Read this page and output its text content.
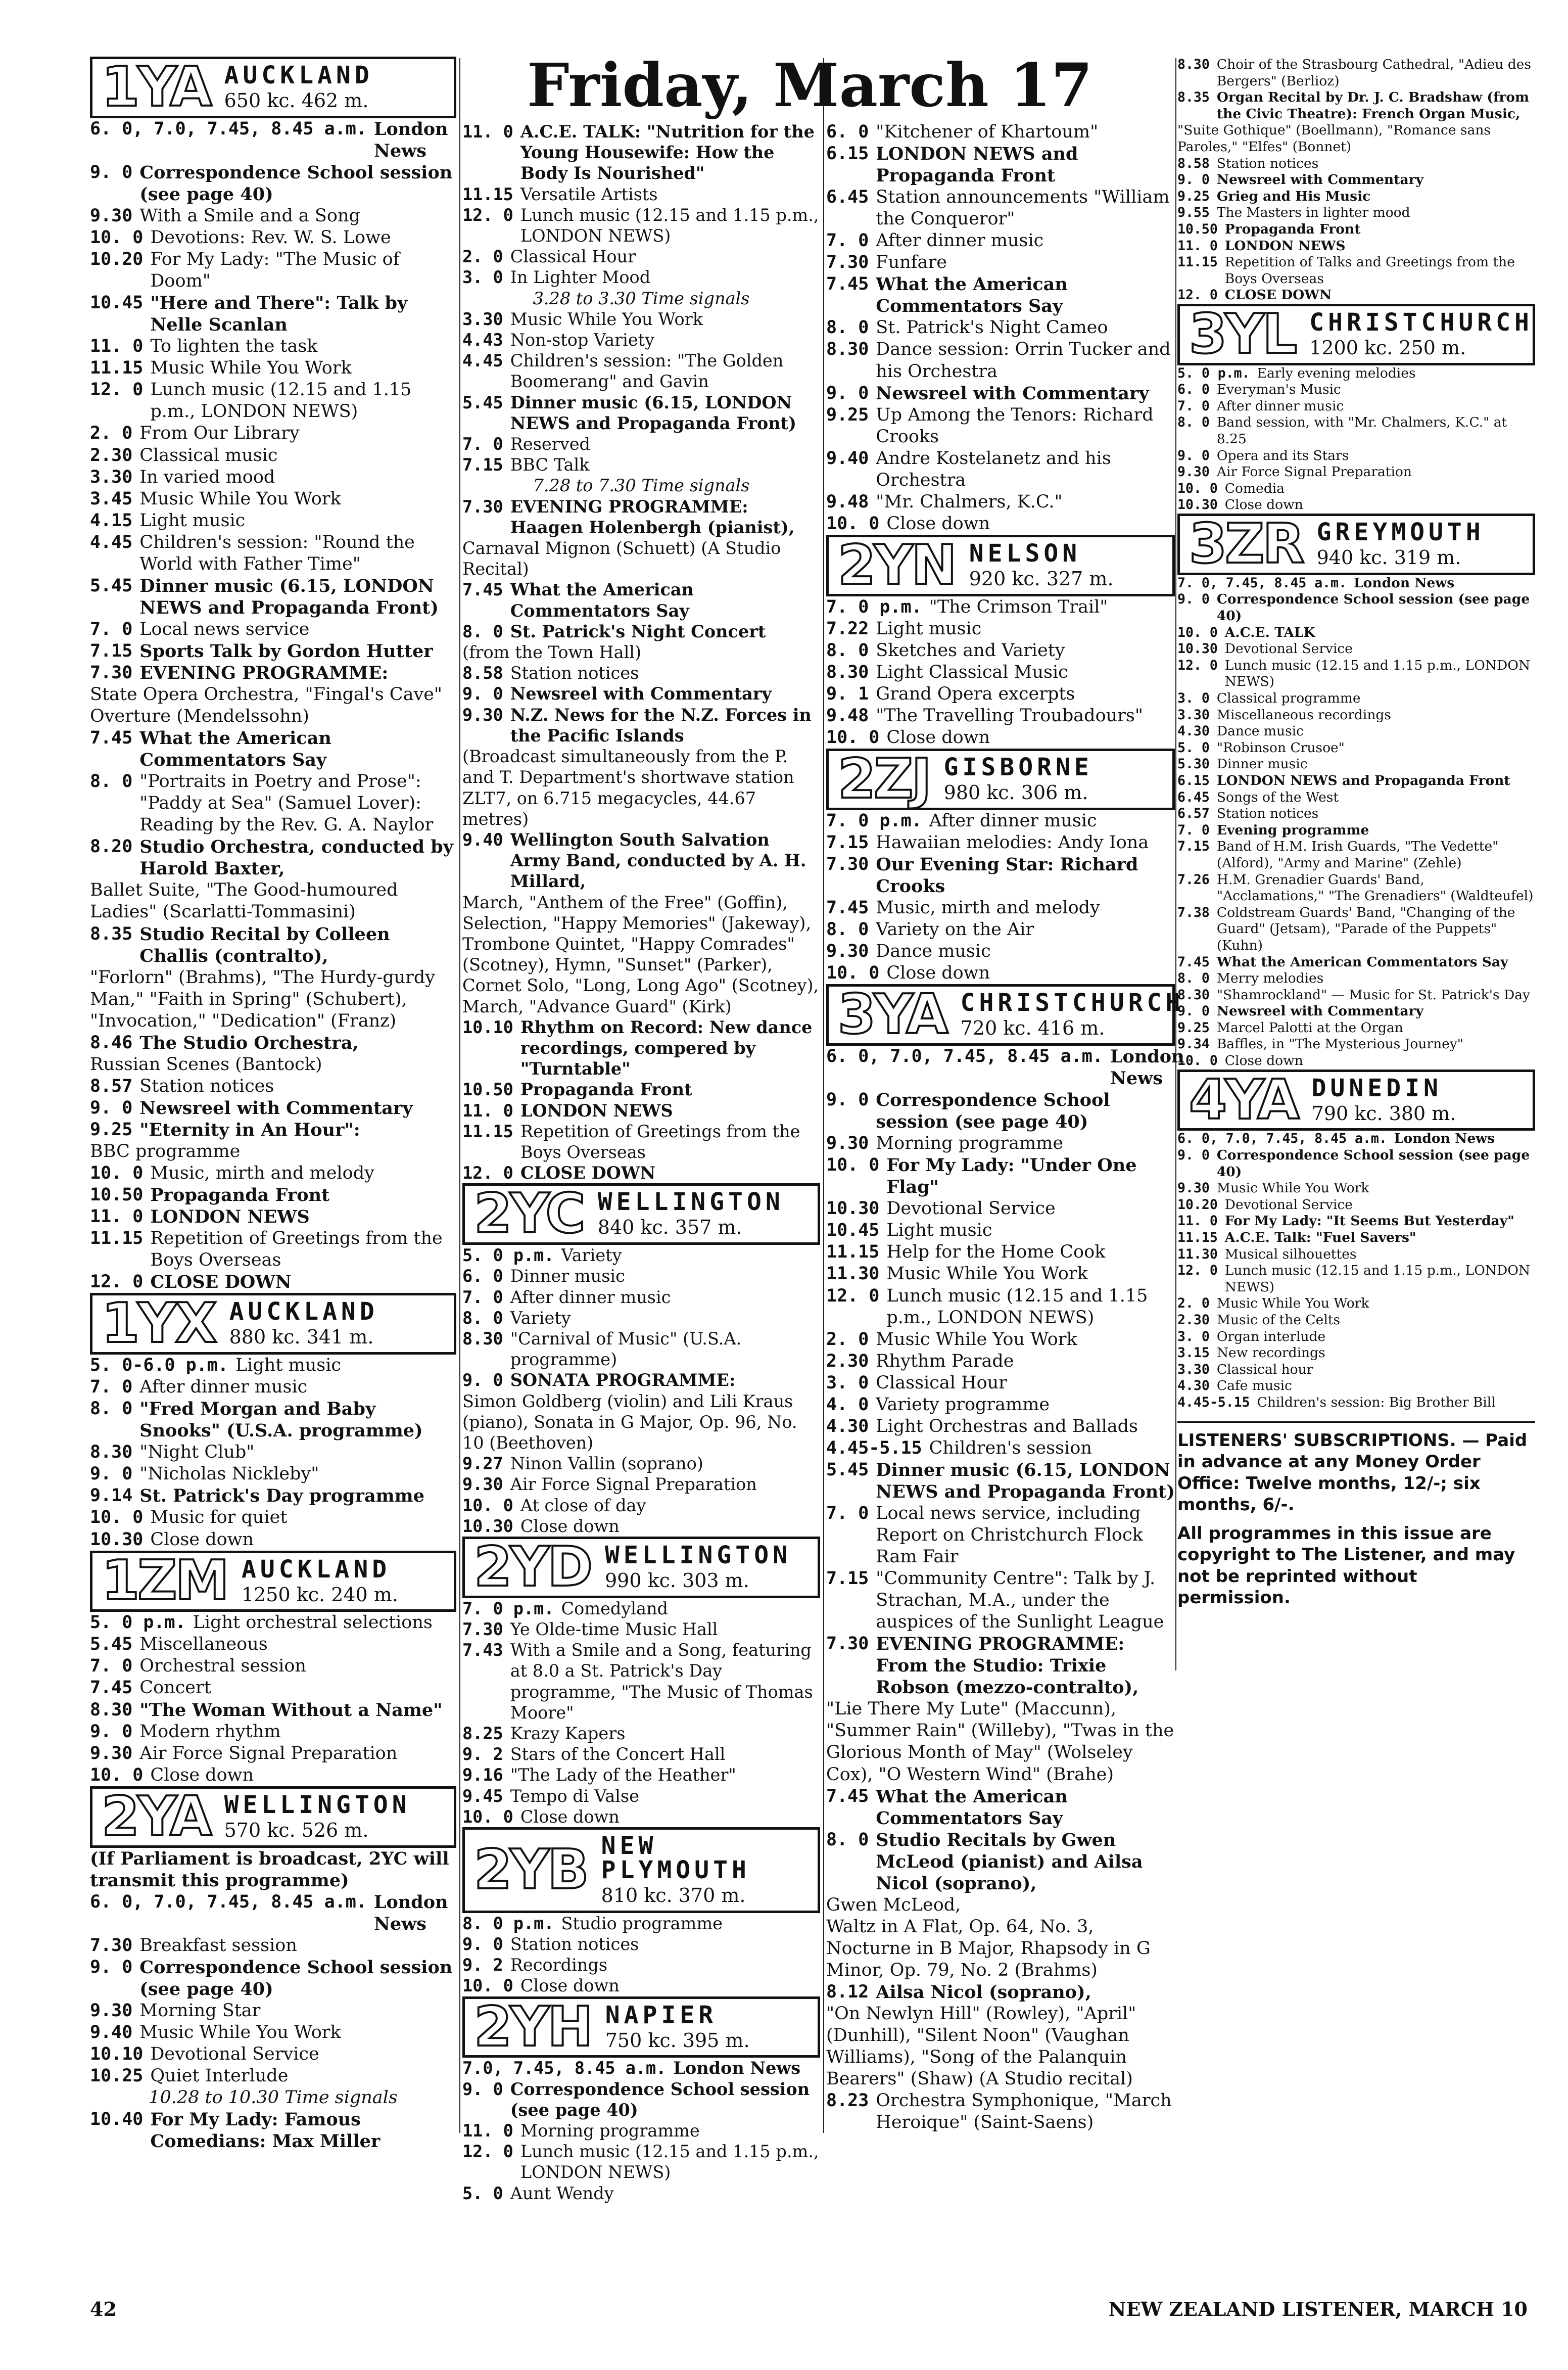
Friday, March 17
1YA AUCKLAND
650 kc. 462 m.
6. 0, 7.0, 7.45, 8.45 a.m. London News
9. 0 Correspondence School session (see page 40)
9.30 With a Smile and a Song
10. 0 Devotions: Rev. W. S. Lowe
10.20 For My Lady: "The Music of Doom"
10.45 "Here and There": Talk by Nelle Scanlan
11. 0 To lighten the task
11.15 Music While You Work
12. 0 Lunch music (12.15 and 1.15 p.m., LONDON NEWS)
2. 0 From Our Library
2.30 Classical music
3.30 In varied mood
3.45 Music While You Work
4.15 Light music
4.45 Children's session: "Round the World with Father Time"
5.45 Dinner music (6.15, LONDON NEWS and Propaganda Front)
7. 0 Local news service
7.15 Sports Talk by Gordon Hutter
7.30 EVENING PROGRAMME:
State Opera Orchestra, "Fingal's Cave" Overture (Mendelssohn)
7.45 What the American Commentators Say
8. 0 "Portraits in Poetry and Prose": "Paddy at Sea" (Samuel Lover): Reading by the Rev. G. A. Naylor
8.20 Studio Orchestra, conducted by Harold Baxter,
Ballet Suite, "The Good-humoured Ladies" (Scarlatti-Tommasini)
8.35 Studio Recital by Colleen Challis (contralto),
"Forlorn" (Brahms), "The Hurdy-gurdy Man," "Faith in Spring" (Schubert), "Invocation," "Dedication" (Franz)
8.46 The Studio Orchestra,
Russian Scenes (Bantock)
8.57 Station notices
9. 0 Newsreel with Commentary
9.25 "Eternity in An Hour":
BBC programme
10. 0 Music, mirth and melody
10.50 Propaganda Front
11. 0 LONDON NEWS
11.15 Repetition of Greetings from the Boys Overseas
12. 0 CLOSE DOWN
1YX AUCKLAND
880 kc. 341 m.
5. 0-6.0 p.m. Light music
7. 0 After dinner music
8. 0 "Fred Morgan and Baby Snooks" (U.S.A. programme)
8.30 "Night Club"
9. 0 "Nicholas Nickleby"
9.14 St. Patrick's Day programme
10. 0 Music for quiet
10.30 Close down
1ZM AUCKLAND
1250 kc. 240 m.
5. 0 p.m. Light orchestral selections
5.45 Miscellaneous
7. 0 Orchestral session
7.45 Concert
8.30 "The Woman Without a Name"
9. 0 Modern rhythm
9.30 Air Force Signal Preparation
10. 0 Close down
2YA WELLINGTON
570 kc. 526 m.
(If Parliament is broadcast, 2YC will transmit this programme)
6. 0, 7.0, 7.45, 8.45 a.m. London News
7.30 Breakfast session
9. 0 Correspondence School session (see page 40)
9.30 Morning Star
9.40 Music While You Work
10.10 Devotional Service
10.25 Quiet Interlude
10.28 to 10.30 Time signals
10.40 For My Lady: Famous Comedians: Max Miller
11. 0 A.C.E. TALK: "Nutrition for the Young Housewife: How the Body Is Nourished"
11.15 Versatile Artists
12. 0 Lunch music (12.15 and 1.15 p.m., LONDON NEWS)
2. 0 Classical Hour
3. 0 In Lighter Mood
3.28 to 3.30 Time signals
3.30 Music While You Work
4.43 Non-stop Variety
4.45 Children's session: "The Golden Boomerang" and Gavin
5.45 Dinner music (6.15, LONDON NEWS and Propaganda Front)
7. 0 Reserved
7.15 BBC Talk
7.28 to 7.30 Time signals
7.30 EVENING PROGRAMME: Haagen Holenbergh (pianist),
Carnaval Mignon (Schuett) (A Studio Recital)
7.45 What the American Commentators Say
8. 0 St. Patrick's Night Concert
(from the Town Hall)
8.58 Station notices
9. 0 Newsreel with Commentary
9.30 N.Z. News for the N.Z. Forces in the Pacific Islands
(Broadcast simultaneously from the P. and T. Department's shortwave station ZLT7, on 6.715 megacycles, 44.67 metres)
9.40 Wellington South Salvation Army Band, conducted by A. H. Millard,
March, "Anthem of the Free" (Goffin), Selection, "Happy Memories" (Jakeway), Trombone Quintet, "Happy Comrades" (Scotney), Hymn, "Sunset" (Parker), Cornet Solo, "Long, Long Ago" (Scotney), March, "Advance Guard" (Kirk)
10.10 Rhythm on Record: New dance recordings, compered by "Turntable"
10.50 Propaganda Front
11. 0 LONDON NEWS
11.15 Repetition of Greetings from the Boys Overseas
12. 0 CLOSE DOWN
2YC WELLINGTON
840 kc. 357 m.
5. 0 p.m. Variety
6. 0 Dinner music
7. 0 After dinner music
8. 0 Variety
8.30 "Carnival of Music" (U.S.A. programme)
9. 0 SONATA PROGRAMME:
Simon Goldberg (violin) and Lili Kraus (piano), Sonata in G Major, Op. 96, No. 10 (Beethoven)
9.27 Ninon Vallin (soprano)
9.30 Air Force Signal Preparation
10. 0 At close of day
10.30 Close down
2YD WELLINGTON
990 kc. 303 m.
7. 0 p.m. Comedyland
7.30 Ye Olde-time Music Hall
7.43 With a Smile and a Song, featuring at 8.0 a St. Patrick's Day programme, "The Music of Thomas Moore"
8.25 Krazy Kapers
9. 2 Stars of the Concert Hall
9.16 "The Lady of the Heather"
9.45 Tempo di Valse
10. 0 Close down
2YB NEW PLYMOUTH
810 kc. 370 m.
8. 0 p.m. Studio programme
9. 0 Station notices
9. 2 Recordings
10. 0 Close down
2YH NAPIER
750 kc. 395 m.
7.0, 7.45, 8.45 a.m. London News
9. 0 Correspondence School session (see page 40)
11. 0 Morning programme
12. 0 Lunch music (12.15 and 1.15 p.m., LONDON NEWS)
5. 0 Aunt Wendy
6. 0 "Kitchener of Khartoum"
6.15 LONDON NEWS and Propaganda Front
6.45 Station announcements "William the Conqueror"
7. 0 After dinner music
7.30 Funfare
7.45 What the American Commentators Say
8. 0 St. Patrick's Night Cameo
8.30 Dance session: Orrin Tucker and his Orchestra
9. 0 Newsreel with Commentary
9.25 Up Among the Tenors: Richard Crooks
9.40 Andre Kostelanetz and his Orchestra
9.48 "Mr. Chalmers, K.C."
10. 0 Close down
2YN NELSON
920 kc. 327 m.
7. 0 p.m. "The Crimson Trail"
7.22 Light music
8. 0 Sketches and Variety
8.30 Light Classical Music
9. 1 Grand Opera excerpts
9.48 "The Travelling Troubadours"
10. 0 Close down
2ZJ GISBORNE
980 kc. 306 m.
7. 0 p.m. After dinner music
7.15 Hawaiian melodies: Andy Iona
7.30 Our Evening Star: Richard Crooks
7.45 Music, mirth and melody
8. 0 Variety on the Air
9.30 Dance music
10. 0 Close down
3YA CHRISTCHURCH
720 kc. 416 m.
6. 0, 7.0, 7.45, 8.45 a.m. London News
9. 0 Correspondence School session (see page 40)
9.30 Morning programme
10. 0 For My Lady: "Under One Flag"
10.30 Devotional Service
10.45 Light music
11.15 Help for the Home Cook
11.30 Music While You Work
12. 0 Lunch music (12.15 and 1.15 p.m., LONDON NEWS)
2. 0 Music While You Work
2.30 Rhythm Parade
3. 0 Classical Hour
4. 0 Variety programme
4.30 Light Orchestras and Ballads
4.45-5.15 Children's session
5.45 Dinner music (6.15, LONDON NEWS and Propaganda Front)
7. 0 Local news service, including Report on Christchurch Flock Ram Fair
7.15 "Community Centre": Talk by J. Strachan, M.A., under the auspices of the Sunlight League
7.30 EVENING PROGRAMME: From the Studio: Trixie Robson (mezzo-contralto),
"Lie There My Lute" (Maccunn), "Summer Rain" (Willeby), "Twas in the Glorious Month of May" (Wolseley Cox), "O Western Wind" (Brahe)
7.45 What the American Commentators Say
8. 0 Studio Recitals by Gwen McLeod (pianist) and Ailsa Nicol (soprano),
Gwen McLeod,
Waltz in A Flat, Op. 64, No. 3, Nocturne in B Major, Rhapsody in G Minor, Op. 79, No. 2 (Brahms)
8.12 Ailsa Nicol (soprano),
"On Newlyn Hill" (Rowley), "April" (Dunhill), "Silent Noon" (Vaughan Williams), "Song of the Palanquin Bearers" (Shaw) (A Studio recital)
8.23 Orchestra Symphonique, "March Heroique" (Saint-Saens)
8.30 Choir of the Strasbourg Cathedral, "Adieu des Bergers" (Berlioz)
8.35 Organ Recital by Dr. J. C. Bradshaw (from the Civic Theatre): French Organ Music,
"Suite Gothique" (Boellmann), "Romance sans Paroles," "Elfes" (Bonnet)
8.58 Station notices
9. 0 Newsreel with Commentary
9.25 Grieg and His Music
9.55 The Masters in lighter mood
10.50 Propaganda Front
11. 0 LONDON NEWS
11.15 Repetition of Talks and Greetings from the Boys Overseas
12. 0 CLOSE DOWN
3YL CHRISTCHURCH
1200 kc. 250 m.
5. 0 p.m. Early evening melodies
6. 0 Everyman's Music
7. 0 After dinner music
8. 0 Band session, with "Mr. Chalmers, K.C." at 8.25
9. 0 Opera and its Stars
9.30 Air Force Signal Preparation
10. 0 Comedia
10.30 Close down
3ZR GREYMOUTH
940 kc. 319 m.
7. 0, 7.45, 8.45 a.m. London News
9. 0 Correspondence School session (see page 40)
10. 0 A.C.E. TALK
10.30 Devotional Service
12. 0 Lunch music (12.15 and 1.15 p.m., LONDON NEWS)
3. 0 Classical programme
3.30 Miscellaneous recordings
4.30 Dance music
5. 0 "Robinson Crusoe"
5.30 Dinner music
6.15 LONDON NEWS and Propaganda Front
6.45 Songs of the West
6.57 Station notices
7. 0 Evening programme
7.15 Band of H.M. Irish Guards, "The Vedette" (Alford), "Army and Marine" (Zehle)
7.26 H.M. Grenadier Guards' Band, "Acclamations," "The Grenadiers" (Waldteufel)
7.38 Coldstream Guards' Band, "Changing of the Guard" (Jetsam), "Parade of the Puppets" (Kuhn)
7.45 What the American Commentators Say
8. 0 Merry melodies
8.30 "Shamrockland" — Music for St. Patrick's Day
9. 0 Newsreel with Commentary
9.25 Marcel Palotti at the Organ
9.34 Baffles, in "The Mysterious Journey"
10. 0 Close down
4YA DUNEDIN
790 kc. 380 m.
6. 0, 7.0, 7.45, 8.45 a.m. London News
9. 0 Correspondence School session (see page 40)
9.30 Music While You Work
10.20 Devotional Service
11. 0 For My Lady: "It Seems But Yesterday"
11.15 A.C.E. Talk: "Fuel Savers"
11.30 Musical silhouettes
12. 0 Lunch music (12.15 and 1.15 p.m., LONDON NEWS)
2. 0 Music While You Work
2.30 Music of the Celts
3. 0 Organ interlude
3.15 New recordings
3.30 Classical hour
4.30 Cafe music
4.45-5.15 Children's session: Big Brother Bill

LISTENERS' SUBSCRIPTIONS. — Paid in advance at any Money Order Office: Twelve months, 12/-; six months, 6/-.

All programmes in this issue are copyright to The Listener, and may not be reprinted without permission.

42	NEW ZEALAND LISTENER, MARCH 10
